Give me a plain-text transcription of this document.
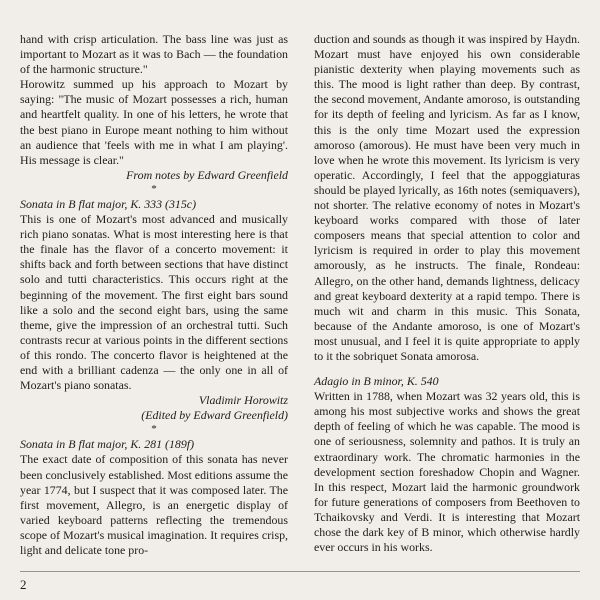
hand with crisp articulation. The bass line was just as important to Mozart as it was to Bach — the foundation of the harmonic structure."

Horowitz summed up his approach to Mozart by saying: "The music of Mozart possesses a rich, human and heartfelt quality. In one of his letters, he wrote that the best piano in Europe meant nothing to him without an audience that 'feels with me in what I am playing'. His message is clear."

From notes by Edward Greenfield

*

Sonata in B flat major, K. 333 (315c)

This is one of Mozart's most advanced and musically rich piano sonatas. What is most interesting here is that the finale has the flavor of a concerto movement: it shifts back and forth between sections that have distinct solo and tutti characteristics. This occurs right at the beginning of the movement. The first eight bars sound like a solo and the second eight bars, using the same theme, give the impression of an orchestral tutti. Such contrasts recur at various points in the different sections of this rondo. The concerto flavor is heightened at the end with a brilliant cadenza — the only one in all of Mozart's piano sonatas.

Vladimir Horowitz

(Edited by Edward Greenfield)

*

Sonata in B flat major, K. 281 (189f)

The exact date of composition of this sonata has never been conclusively established. Most editions assume the year 1774, but I suspect that it was composed later. The first movement, Allegro, is an energetic display of varied keyboard patterns reflecting the tremendous scope of Mozart's musical imagination. It requires crisp, light and delicate tone pro-

duction and sounds as though it was inspired by Haydn. Mozart must have enjoyed his own considerable pianistic dexterity when playing movements such as this. The mood is light rather than deep. By contrast, the second movement, Andante amoroso, is outstanding for its depth of feeling and lyricism. As far as I know, this is the only time Mozart used the expression amoroso (amorous). He must have been very much in love when he wrote this movement. Its lyricism is very operatic. Accordingly, I feel that the appoggiaturas should be played lyrically, as 16th notes (semiquavers), not shorter. The relative economy of notes in Mozart's keyboard works compared with those of later composers means that special attention to color and lyricism is required in order to play this movement amorously, as he instructs. The finale, Rondeau: Allegro, on the other hand, demands lightness, delicacy and great keyboard dexterity at a rapid tempo. There is much wit and charm in this music. This Sonata, because of the Andante amoroso, is one of Mozart's most unusual, and I feel it is quite appropriate to apply to it the sobriquet Sonata amorosa.

Adagio in B minor, K. 540

Written in 1788, when Mozart was 32 years old, this is among his most subjective works and shows the great depth of feeling of which he was capable. The mood is one of seriousness, solemnity and pathos. It is truly an extraordinary work. The chromatic harmonies in the development section foreshadow Chopin and Wagner. In this respect, Mozart laid the harmonic groundwork for future generations of composers from Beethoven to Tchaikovsky and Verdi. It is interesting that Mozart chose the dark key of B minor, which otherwise hardly ever occurs in his works.

2
